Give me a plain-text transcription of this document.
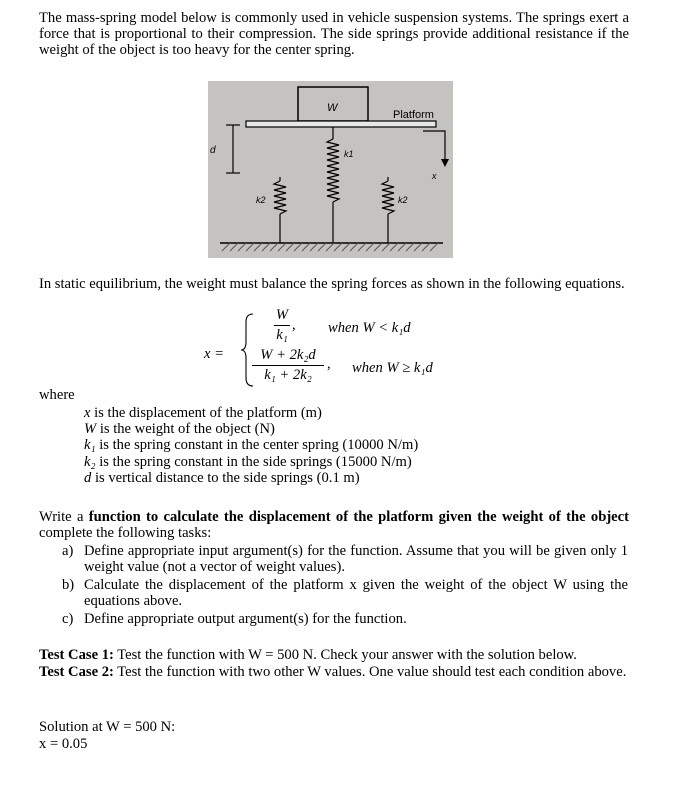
The mass-spring model below is commonly used in vehicle suspension systems. The springs exert a force that is proportional to their compression. The side springs provide additional resistance if the weight of the object is too heavy for the center spring.
W
Platform
k1
d
x
k2	k2
In static equilibrium, the weight must balance the spring forces as shown in the following equations.
x =
W
k₁
, when W < k₁d
W + 2k₂d
k₁ + 2k₂
, when W ≥ k₁d
where
x is the displacement of the platform (m)
W is the weight of the object (N)
k₁ is the spring constant in the center spring (10000 N/m)
k₂ is the spring constant in the side springs (15000 N/m)
d is vertical distance to the side springs (0.1 m)
Write a function to calculate the displacement of the platform given the weight of the object complete the following tasks:
a) Define appropriate input argument(s) for the function. Assume that you will be given only 1 weight value (not a vector of weight values).
b) Calculate the displacement of the platform x given the weight of the object W using the equations above.
c) Define appropriate output argument(s) for the function.
Test Case 1: Test the function with W = 500 N. Check your answer with the solution below.
Test Case 2: Test the function with two other W values. One value should test each condition above.
Solution at W = 500 N:
x = 0.05
